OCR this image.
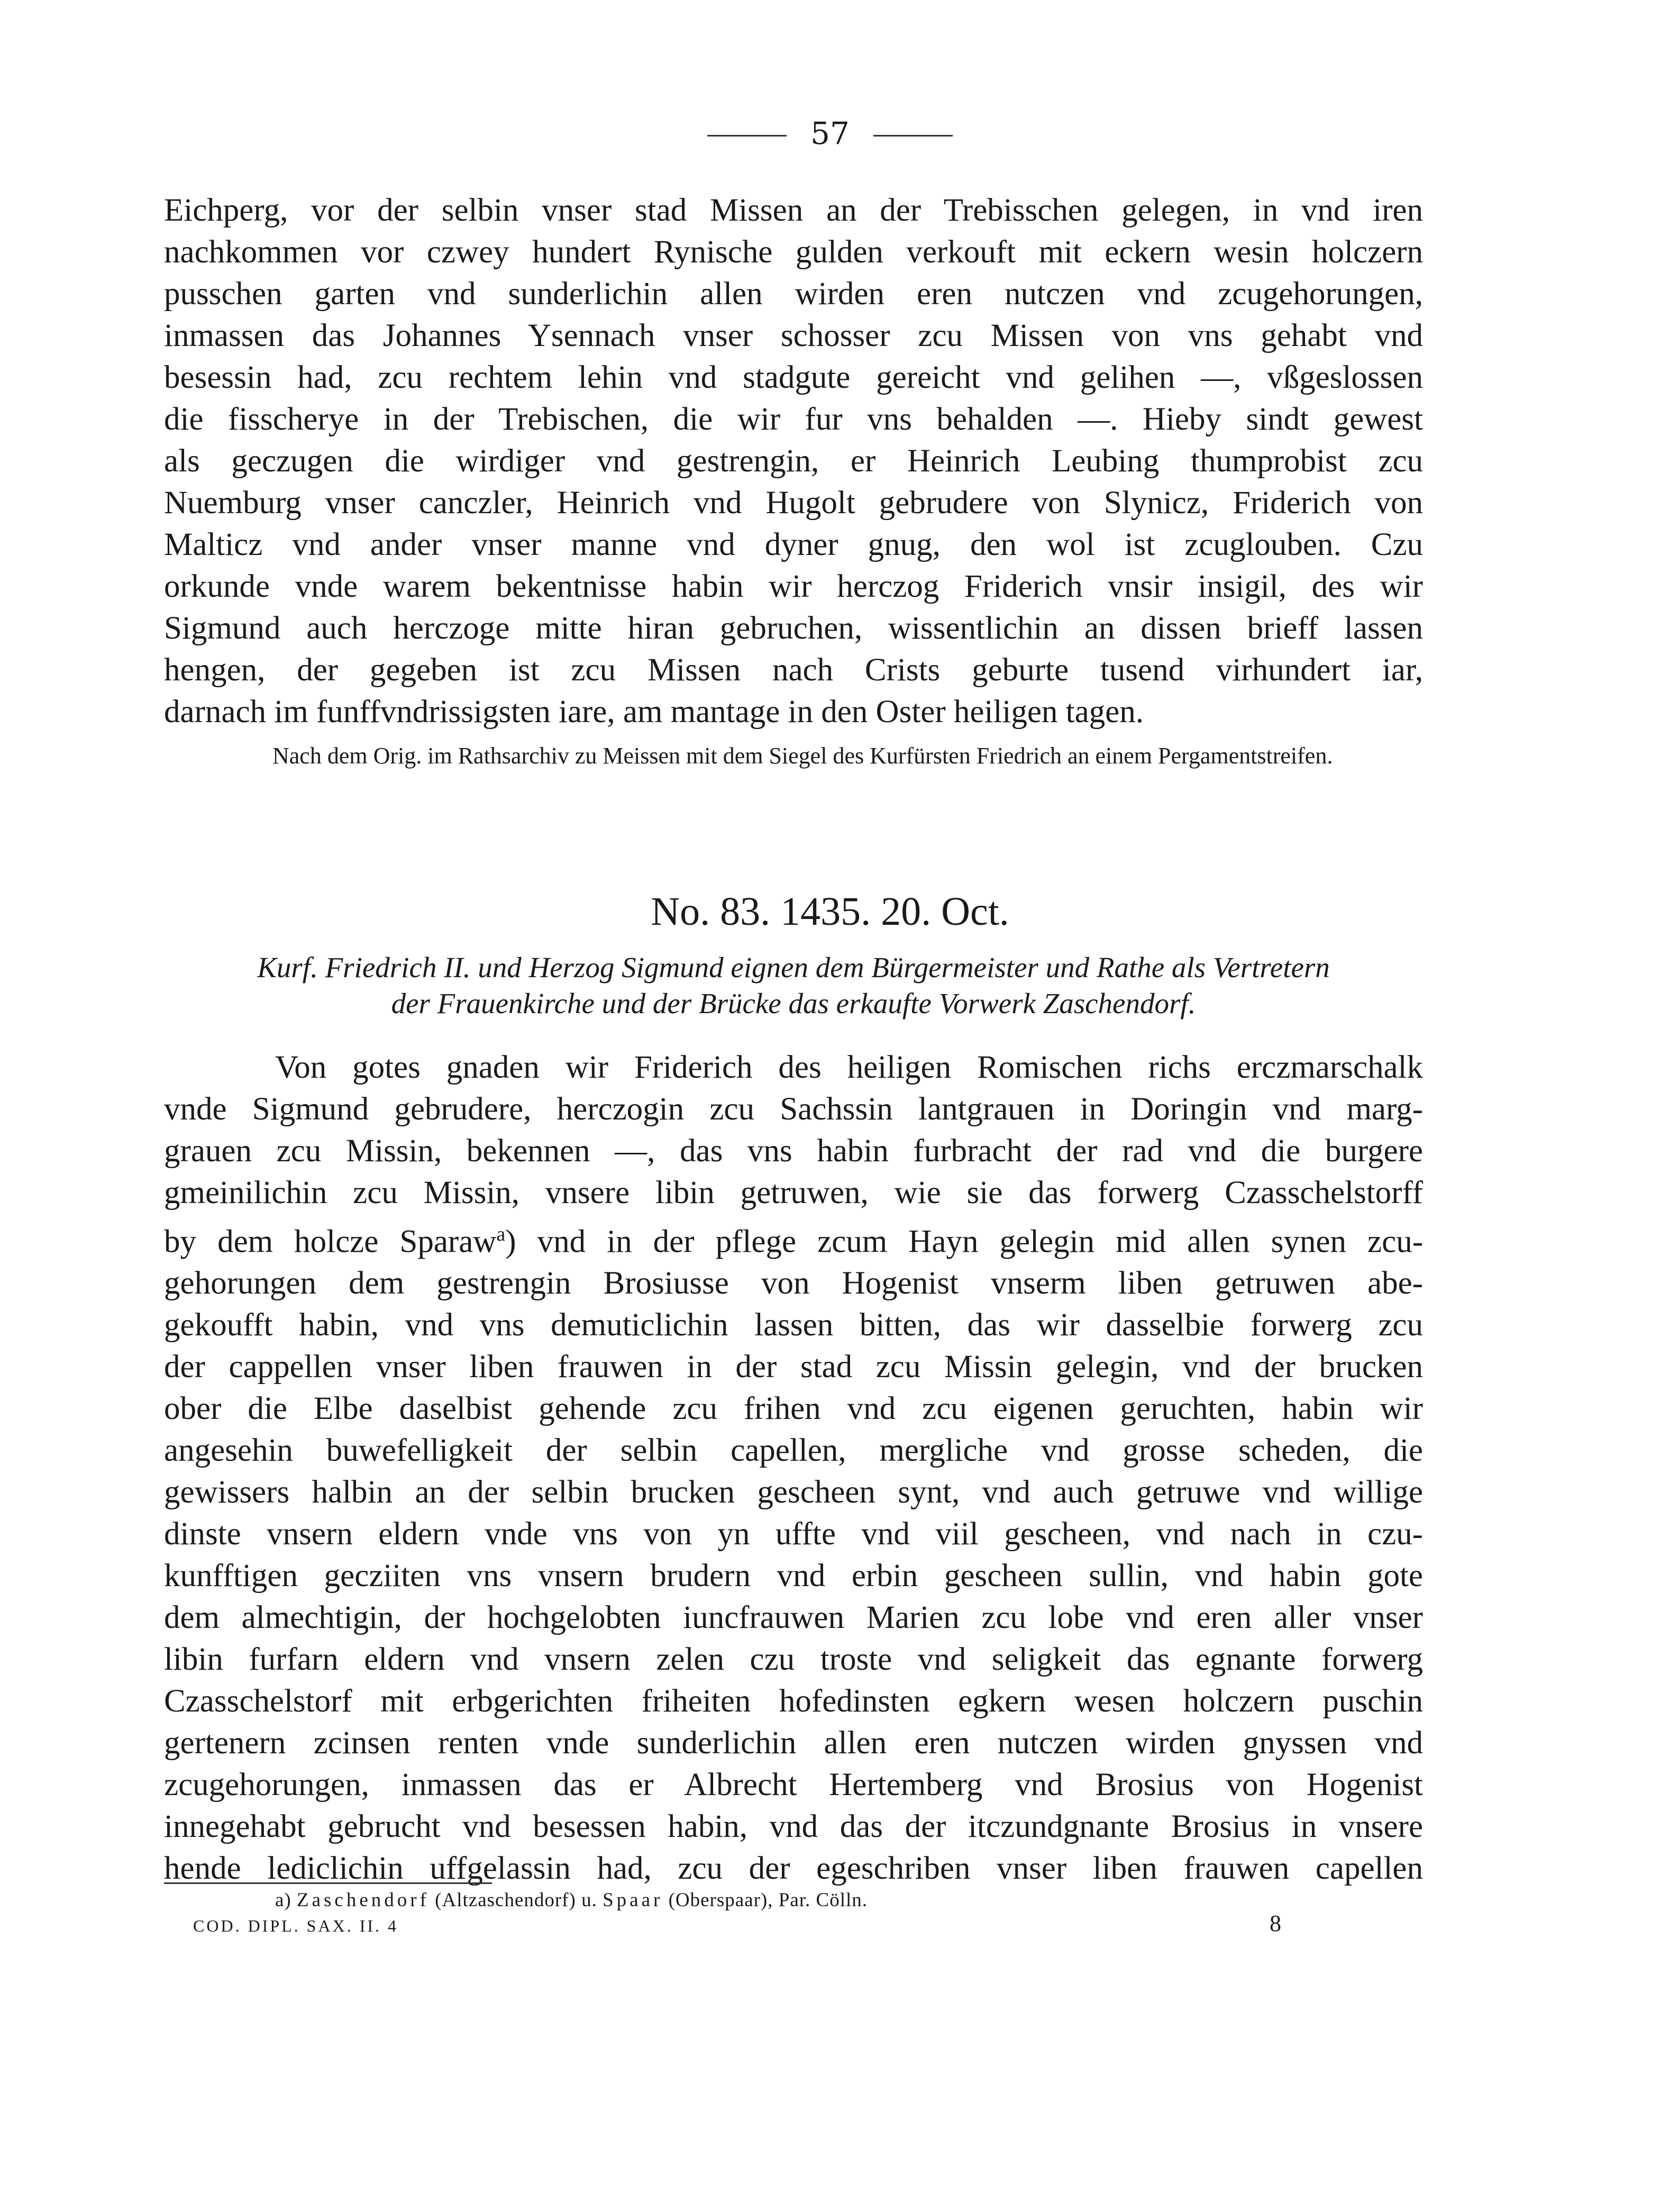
57
Eichperg, vor der selbin vnser stad Missen an der Trebisschen gelegen, in vnd iren
nachkommen vor czwey hundert Rynische gulden verkouft mit eckern wesin holczern
pusschen garten vnd sunderlichin allen wirden eren nutczen vnd zcugehorungen,
inmassen das Johannes Ysennach vnser schosser zcu Missen von vns gehabt vnd
besessin had, zcu rechtem lehin vnd stadgute gereicht vnd gelihen —, vßgeslossen
die fisscherye in der Trebischen, die wir fur vns behalden —. Hieby sindt gewest
als geczugen die wirdiger vnd gestrengin, er Heinrich Leubing thumprobist zcu
Nuemburg vnser canczler, Heinrich vnd Hugolt gebrudere von Slynicz, Friderich von
Malticz vnd ander vnser manne vnd dyner gnug, den wol ist zcuglouben. Czu
orkunde vnde warem bekentnisse habin wir herczog Friderich vnsir insigil, des wir
Sigmund auch herczoge mitte hiran gebruchen, wissentlichin an dissen brieff lassen
hengen, der gegeben ist zcu Missen nach Crists geburte tusend virhundert iar,
darnach im funffvndrissigsten iare, am mantage in den Oster heiligen tagen.
Nach dem Orig. im Rathsarchiv zu Meissen mit dem Siegel des Kurfürsten Friedrich an einem Pergamentstreifen.
No. 83. 1435. 20. Oct.
Kurf. Friedrich II. und Herzog Sigmund eignen dem Bürgermeister und Rathe als Vertretern
der Frauenkirche und der Brücke das erkaufte Vorwerk Zaschendorf.
Von gotes gnaden wir Friderich des heiligen Romischen richs erczmarschalk
vnde Sigmund gebrudere, herczogin zcu Sachssin lantgrauen in Doringin vnd marg-
grauen zcu Missin, bekennen —, das vns habin furbracht der rad vnd die burgere
gmeinilichin zcu Missin, vnsere libin getruwen, wie sie das forwerg Czasschelstorff
by dem holcze Sparaw$^a$) vnd in der pflege zcum Hayn gelegin mid allen synen zcu-
gehorungen dem gestrengin Brosiusse von Hogenist vnserm liben getruwen abe-
gekoufft habin, vnd vns demuticlichin lassen bitten, das wir dasselbie forwerg zcu
der cappellen vnser liben frauwen in der stad zcu Missin gelegin, vnd der brucken
ober die Elbe daselbist gehende zcu frihen vnd zcu eigenen geruchten, habin wir
angesehin buwefelligkeit der selbin capellen, mergliche vnd grosse scheden, die
gewissers halbin an der selbin brucken gescheen synt, vnd auch getruwe vnd willige
dinste vnsern eldern vnde vns von yn uffte vnd viil gescheen, vnd nach in czu-
kunfftigen gecziiten vns vnsern brudern vnd erbin gescheen sullin, vnd habin gote
dem almechtigin, der hochgelobten iuncfrauwen Marien zcu lobe vnd eren aller vnser
libin furfarn eldern vnd vnsern zelen czu troste vnd seligkeit das egnante forwerg
Czasschelstorf mit erbgerichten friheiten hofedinsten egkern wesen holczern puschin
gertenern zcinsen renten vnde sunderlichin allen eren nutczen wirden gnyssen vnd
zcugehorungen, inmassen das er Albrecht Hertemberg vnd Brosius von Hogenist
innegehabt gebrucht vnd besessen habin, vnd das der itczundgnante Brosius in vnsere
hende lediclichin uffgelassin had, zcu der egeschriben vnser liben frauwen capellen
a) Zaschendorf (Altzaschendorf) u. Spaar (Oberspaar), Par. Cölln.
COD. DIPL. SAX. II. 4	8
